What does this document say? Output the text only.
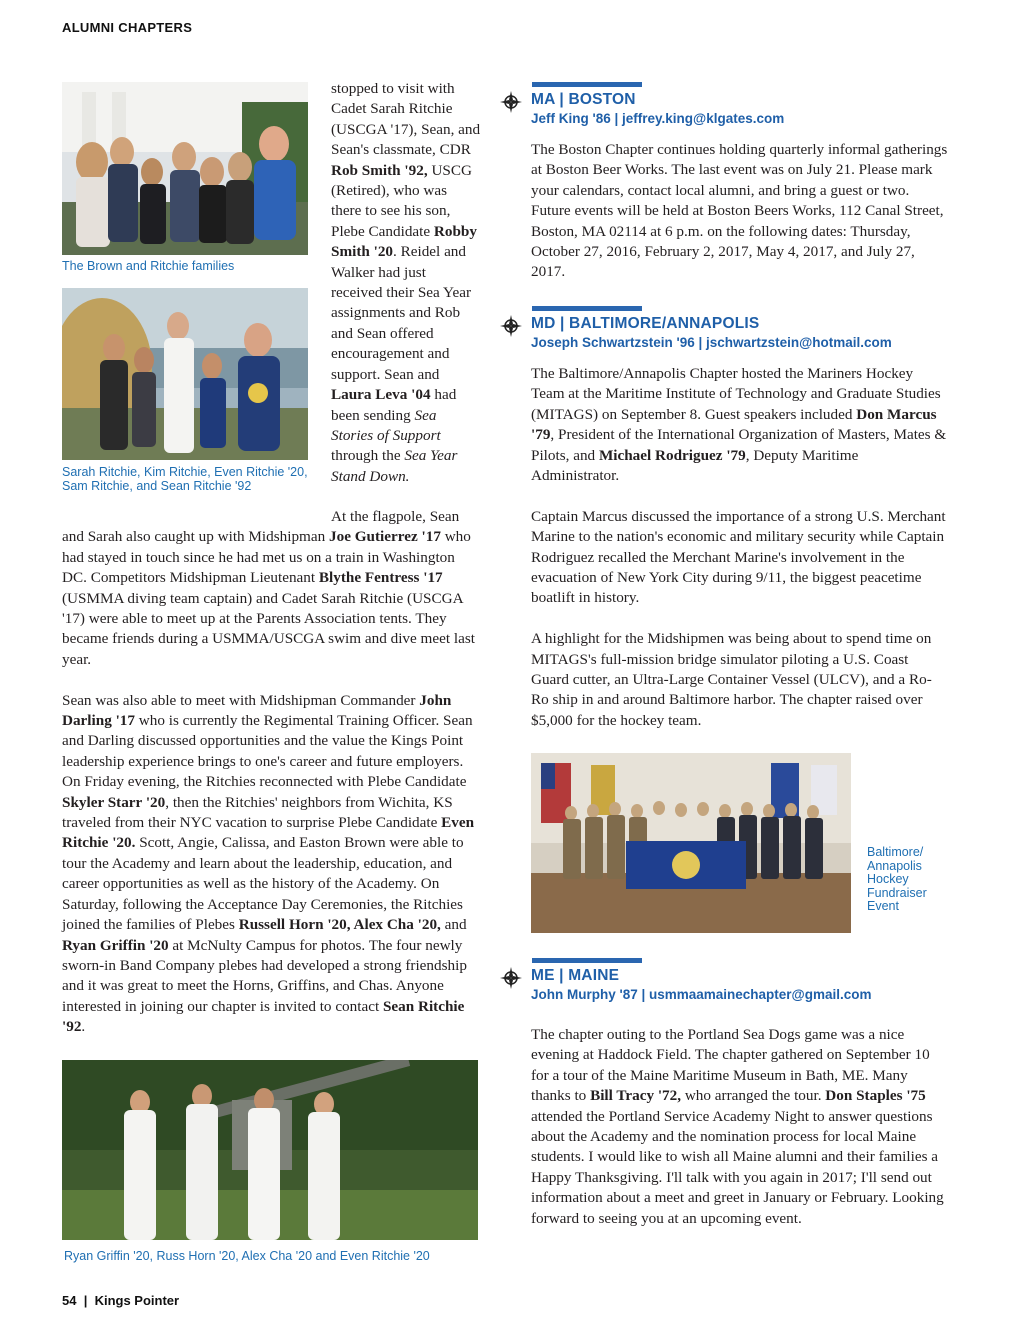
ALUMNI CHAPTERS
The Brown and Ritchie families
Sarah Ritchie, Kim Ritchie, Even Ritchie '20, Sam Ritchie, and Sean Ritchie '92

stopped to visit with Cadet Sarah Ritchie (USCGA '17), Sean, and Sean's classmate, CDR Rob Smith '92, USCG (Retired), who was there to see his son, Plebe Candidate Robby Smith '20. Reidel and Walker had just received their Sea Year assignments and Rob and Sean offered encouragement and support. Sean and Laura Leva '04 had been sending Sea Stories of Support through the Sea Year Stand Down.

At the flagpole, Sean and Sarah also caught up with Midshipman Joe Gutierrez '17 who had stayed in touch since he had met us on a train in Washington DC. Competitors Midshipman Lieutenant Blythe Fentress '17 (USMMA diving team captain) and Cadet Sarah Ritchie (USCGA '17) were able to meet up at the Parents Association tents. They became friends during a USMMA/USCGA swim and dive meet last year.

Sean was also able to meet with Midshipman Commander John Darling '17 who is currently the Regimental Training Officer. Sean and Darling discussed opportunities and the value the Kings Point leadership experience brings to one's career and future employers. On Friday evening, the Ritchies reconnected with Plebe Candidate Skyler Starr '20, then the Ritchies' neighbors from Wichita, KS traveled from their NYC vacation to surprise Plebe Candidate Even Ritchie '20. Scott, Angie, Calissa, and Easton Brown were able to tour the Academy and learn about the leadership, education, and career opportunities as well as the history of the Academy. On Saturday, following the Acceptance Day Ceremonies, the Ritchies joined the families of Plebes Russell Horn '20, Alex Cha '20, and Ryan Griffin '20 at McNulty Campus for photos. The four newly sworn-in Band Company plebes had developed a strong friendship and it was great to meet the Horns, Griffins, and Chas. Anyone interested in joining our chapter is invited to contact Sean Ritchie '92.

Ryan Griffin '20, Russ Horn '20, Alex Cha '20 and Even Ritchie '20
MA | BOSTON
Jeff King '86 | jeffrey.king@klgates.com

The Boston Chapter continues holding quarterly informal gatherings at Boston Beer Works. The last event was on July 21. Please mark your calendars, contact local alumni, and bring a guest or two. Future events will be held at Boston Beers Works, 112 Canal Street, Boston, MA 02114 at 6 p.m. on the following dates: Thursday, October 27, 2016, February 2, 2017, May 4, 2017, and July 27, 2017.

MD | BALTIMORE/ANNAPOLIS
Joseph Schwartzstein '96 | jschwartzstein@hotmail.com

The Baltimore/Annapolis Chapter hosted the Mariners Hockey Team at the Maritime Institute of Technology and Graduate Studies (MITAGS) on September 8. Guest speakers included Don Marcus '79, President of the International Organization of Masters, Mates & Pilots, and Michael Rodriguez '79, Deputy Maritime Administrator.

Captain Marcus discussed the importance of a strong U.S. Merchant Marine to the nation's economic and military security while Captain Rodriguez recalled the Merchant Marine's involvement in the evacuation of New York City during 9/11, the biggest peacetime boatlift in history.

A highlight for the Midshipmen was being about to spend time on MITAGS's full-mission bridge simulator piloting a U.S. Coast Guard cutter, an Ultra-Large Container Vessel (ULCV), and a Ro-Ro ship in and around Baltimore harbor. The chapter raised over $5,000 for the hockey team.

Baltimore/ Annapolis Hockey Fundraiser Event
ME | MAINE
John Murphy '87 | usmmaamainechapter@gmail.com

The chapter outing to the Portland Sea Dogs game was a nice evening at Haddock Field. The chapter gathered on September 10 for a tour of the Maine Maritime Museum in Bath, ME. Many thanks to Bill Tracy '72, who arranged the tour. Don Staples '75 attended the Portland Service Academy Night to answer questions about the Academy and the nomination process for local Maine students. I would like to wish all Maine alumni and their families a Happy Thanksgiving. I'll talk with you again in 2017; I'll send out information about a meet and greet in January or February. Looking forward to seeing you at an upcoming event.

54 | Kings Pointer
